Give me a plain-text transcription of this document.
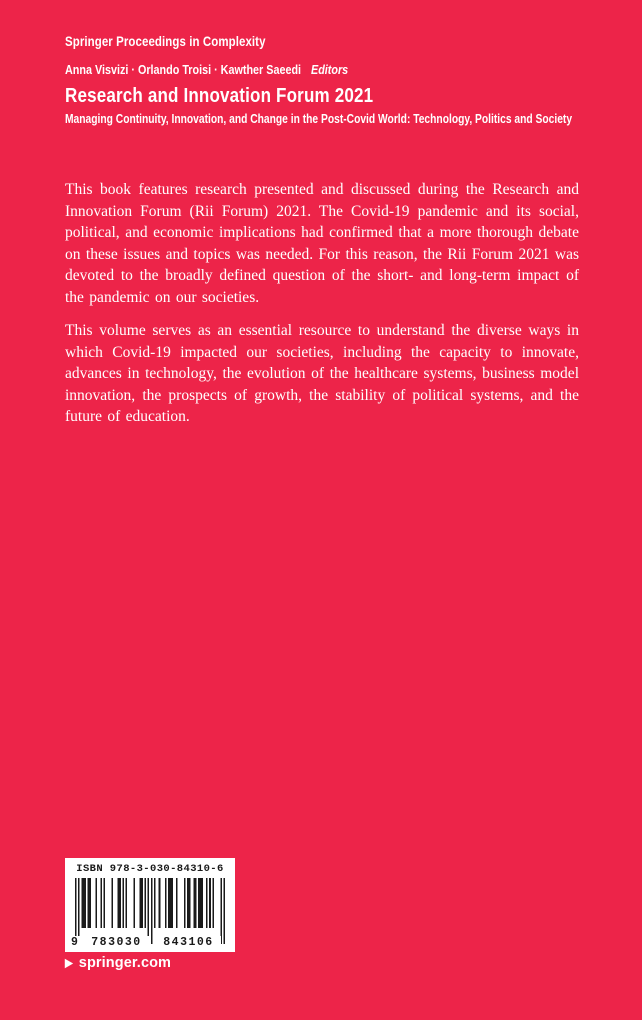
Springer Proceedings in Complexity
Anna Visvizi · Orlando Troisi · Kawther Saeedi Editors
Research and Innovation Forum 2021
Managing Continuity, Innovation, and Change in the Post-Covid World: Technology, Politics and Society

This book features research presented and discussed during the Research and Innovation Forum (Rii Forum) 2021. The Covid-19 pandemic and its social, political, and economic implications had confirmed that a more thorough debate on these issues and topics was needed. For this reason, the Rii Forum 2021 was devoted to the broadly defined question of the short- and long-term impact of the pandemic on our societies.

This volume serves as an essential resource to understand the diverse ways in which Covid-19 impacted our societies, including the capacity to innovate, advances in technology, the evolution of the healthcare systems, business model innovation, the prospects of growth, the stability of political systems, and the future of education.

ISBN 978-3-030-84310-6
9	783030	843106
▶ springer.com
